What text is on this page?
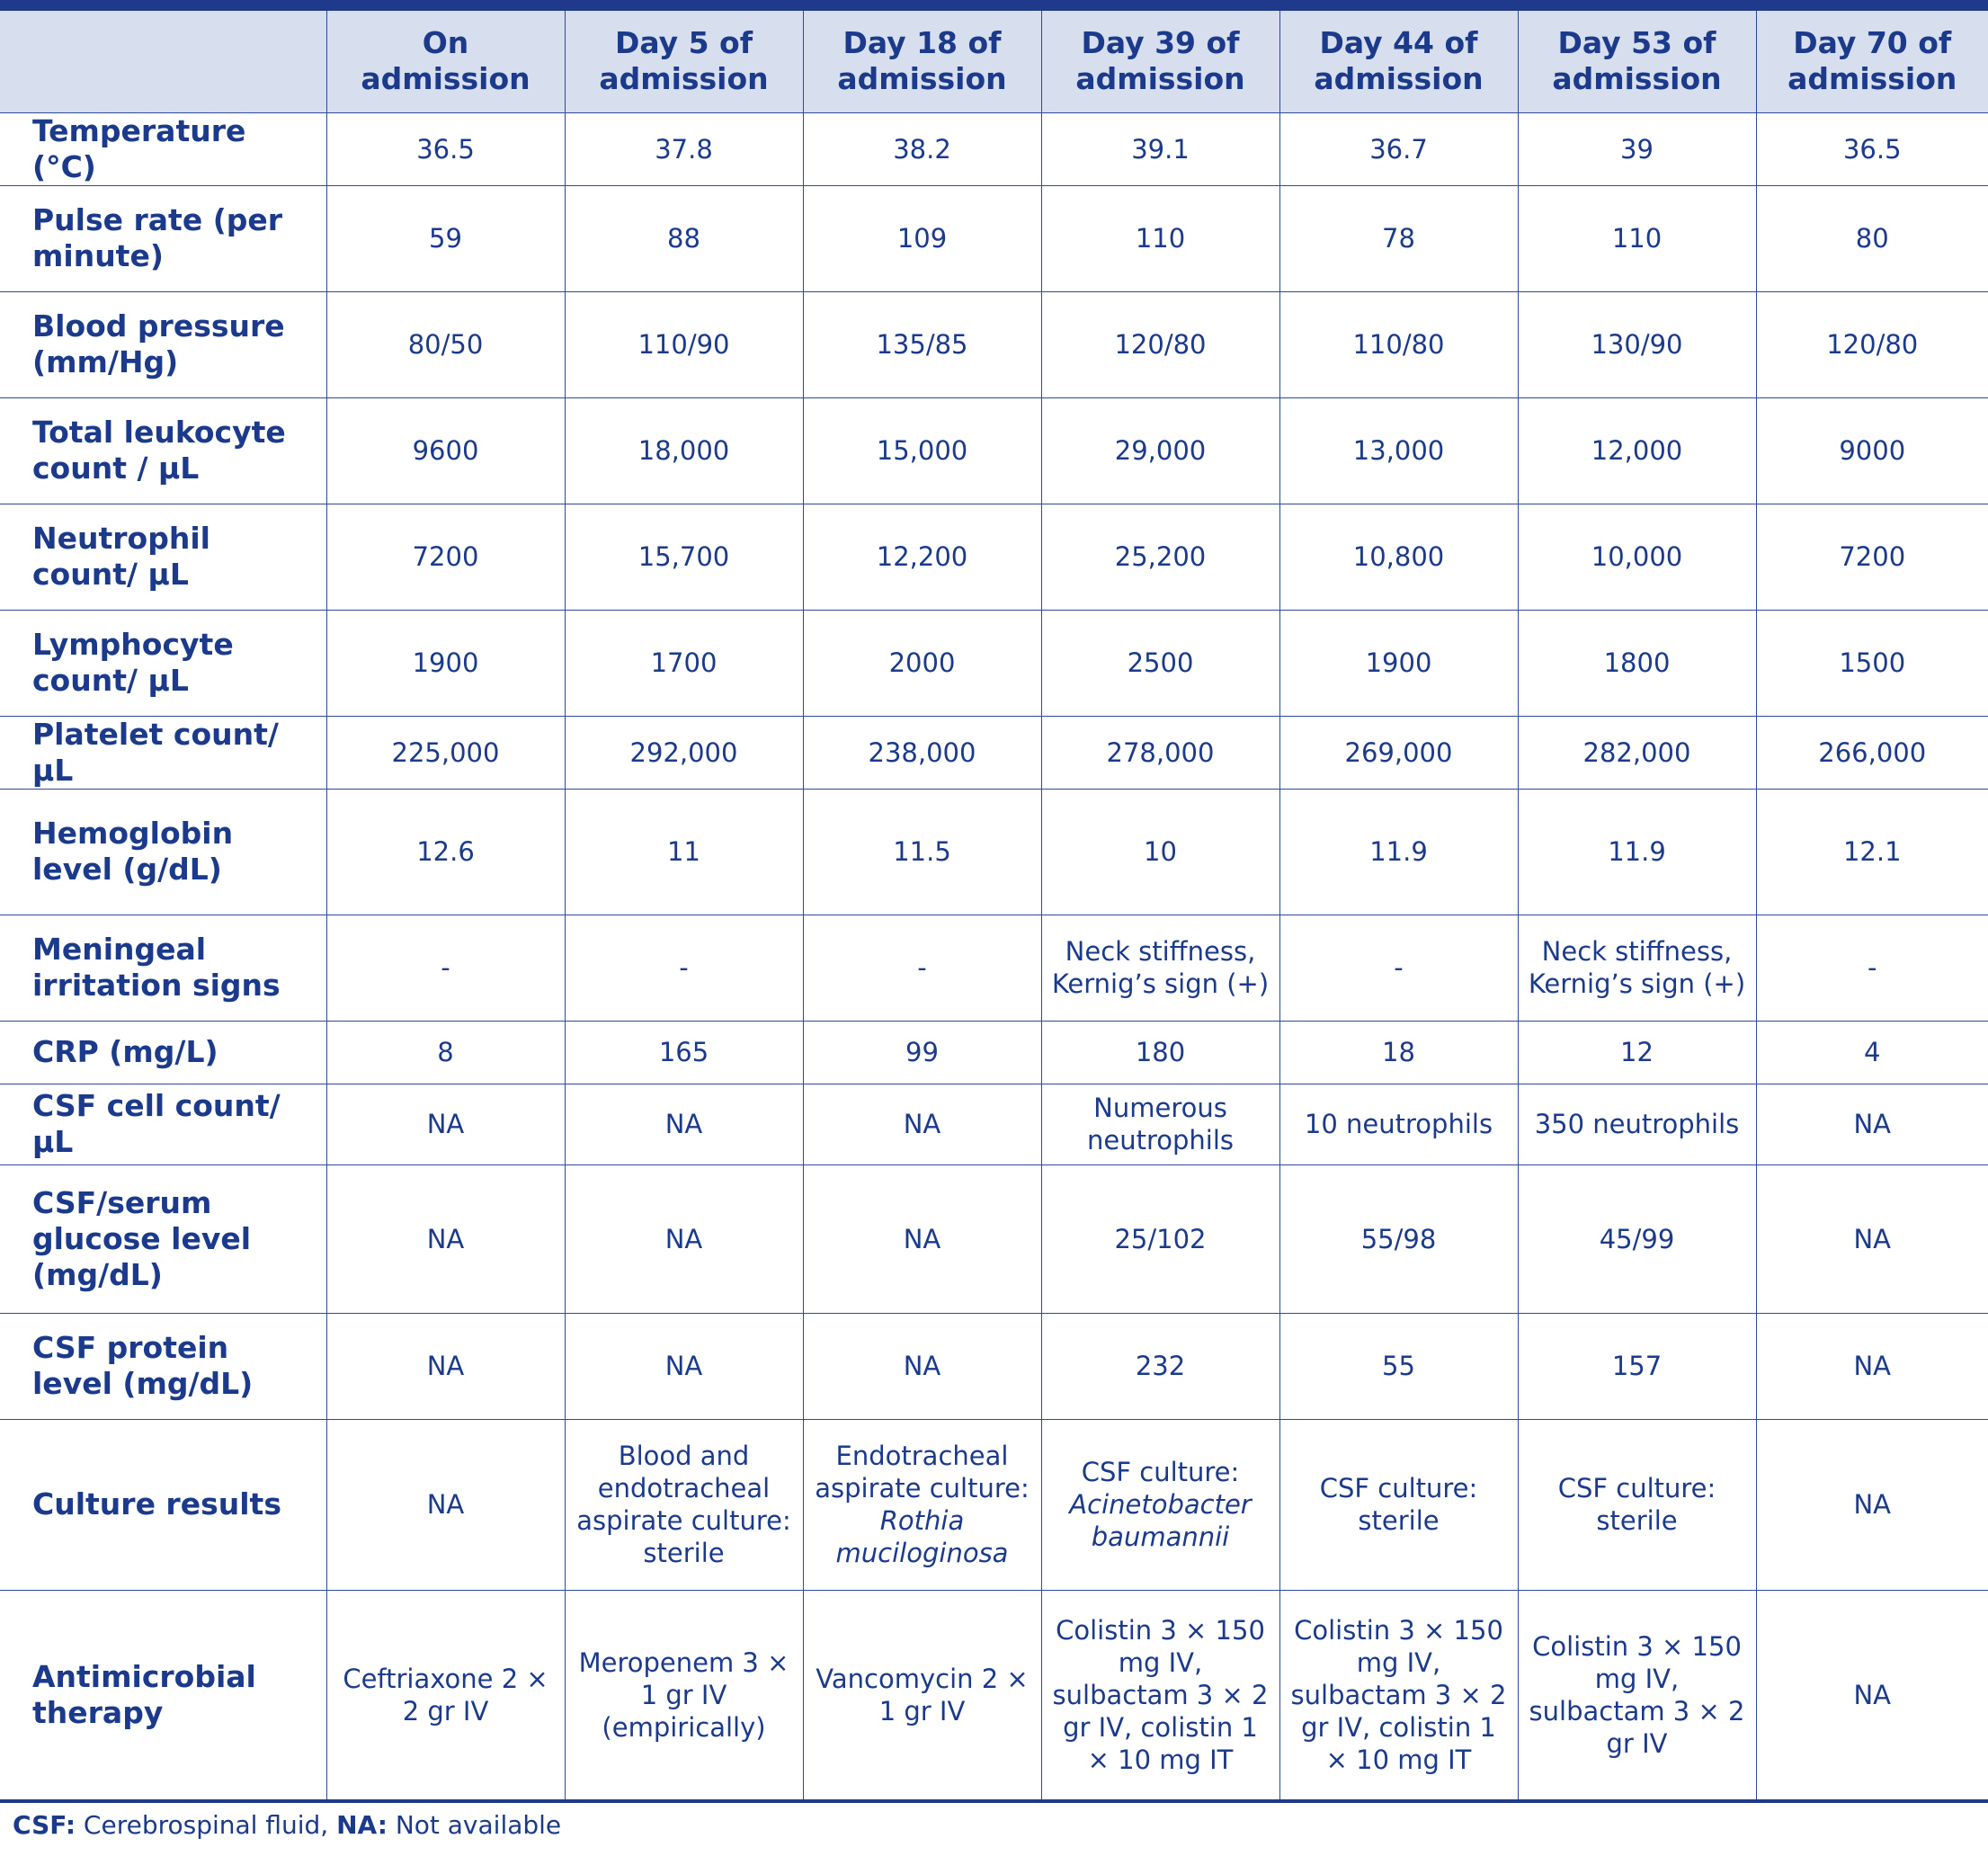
	On admission	Day 5 of admission	Day 18 of admission	Day 39 of admission	Day 44 of admission	Day 53 of admission	Day 70 of admission
Temperature (°C)	36.5	37.8	38.2	39.1	36.7	39	36.5
Pulse rate (per minute)	59	88	109	110	78	110	80
Blood pressure (mm/Hg)	80/50	110/90	135/85	120/80	110/80	130/90	120/80
Total leukocyte count / µL	9600	18,000	15,000	29,000	13,000	12,000	9000
Neutrophil count/ µL	7200	15,700	12,200	25,200	10,800	10,000	7200
Lymphocyte count/ µL	1900	1700	2000	2500	1900	1800	1500
Platelet count/ µL	225,000	292,000	238,000	278,000	269,000	282,000	266,000
Hemoglobin level (g/dL)	12.6	11	11.5	10	11.9	11.9	12.1
Meningeal irritation signs	-	-	-	Neck stiffness, Kernig’s sign (+)	-	Neck stiffness, Kernig’s sign (+)	-
CRP (mg/L)	8	165	99	180	18	12	4
CSF cell count/ µL	NA	NA	NA	Numerous neutrophils	10 neutrophils	350 neutrophils	NA
CSF/serum glucose level (mg/dL)	NA	NA	NA	25/102	55/98	45/99	NA
CSF protein level (mg/dL)	NA	NA	NA	232	55	157	NA
Culture results	NA	Blood and endotracheal aspirate culture: sterile	Endotracheal aspirate culture: Rothia muciloginosa	CSF culture: Acinetobacter baumannii	CSF culture: sterile	CSF culture: sterile	NA
Antimicrobial therapy	Ceftriaxone 2 × 2 gr IV	Meropenem 3 × 1 gr IV (empirically)	Vancomycin 2 × 1 gr IV	Colistin 3 × 150 mg IV, sulbactam 3 × 2 gr IV, colistin 1 × 10 mg IT	Colistin 3 × 150 mg IV, sulbactam 3 × 2 gr IV, colistin 1 × 10 mg IT	Colistin 3 × 150 mg IV, sulbactam 3 × 2 gr IV	NA
CSF: Cerebrospinal fluid, NA: Not available
